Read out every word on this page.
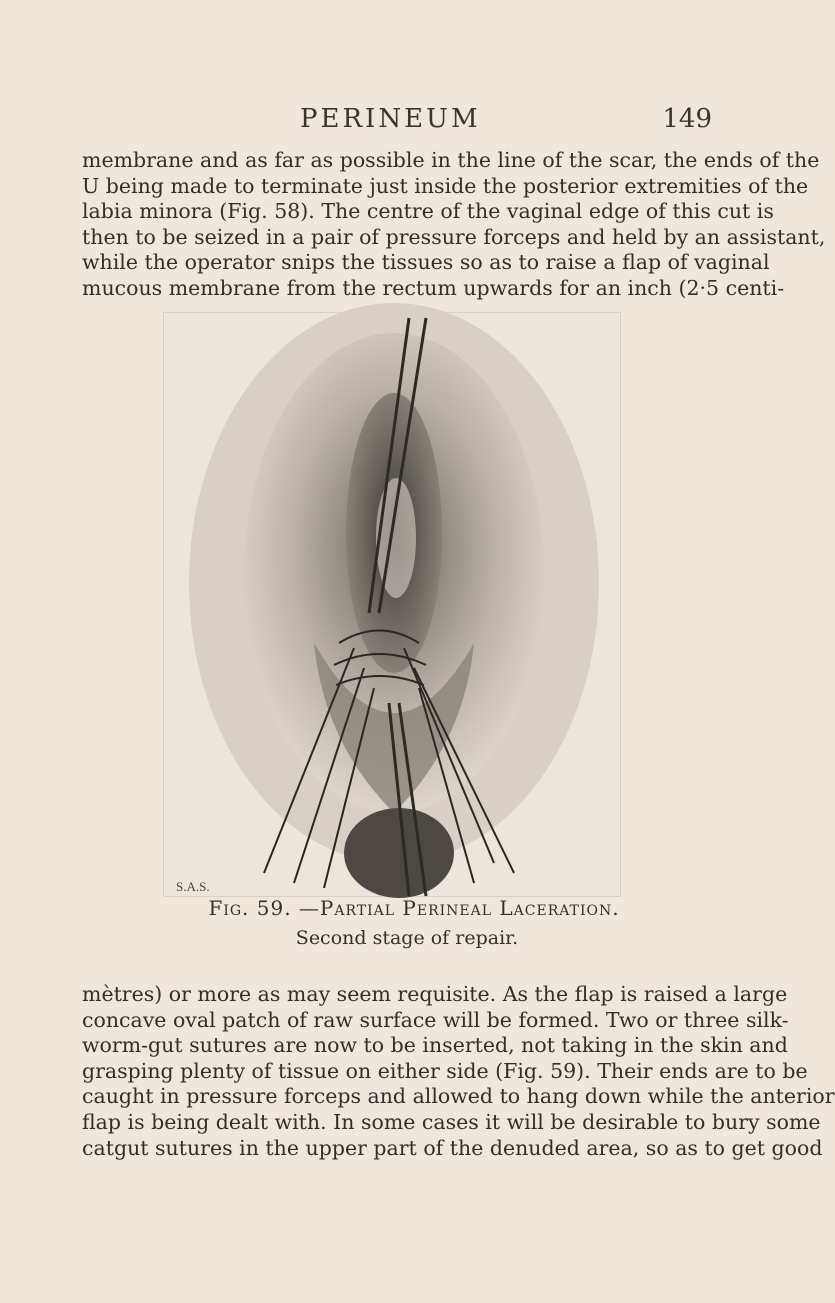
PERINEUM	149
membrane and as far as possible in the line of the scar, the ends of the
U being made to terminate just inside the posterior extremities of the
labia minora (Fig. 58). The centre of the vaginal edge of this cut is
then to be seized in a pair of pressure forceps and held by an assistant,
while the operator snips the tissues so as to raise a flap of vaginal
mucous membrane from the rectum upwards for an inch (2·5 centi-
S.A.S.
Fig. 59. —Partial Perineal Laceration.
Second stage of repair.
mètres) or more as may seem requisite. As the flap is raised a large
concave oval patch of raw surface will be formed. Two or three silk-
worm-gut sutures are now to be inserted, not taking in the skin and
grasping plenty of tissue on either side (Fig. 59). Their ends are to be
caught in pressure forceps and allowed to hang down while the anterior
flap is being dealt with. In some cases it will be desirable to bury some
catgut sutures in the upper part of the denuded area, so as to get good
